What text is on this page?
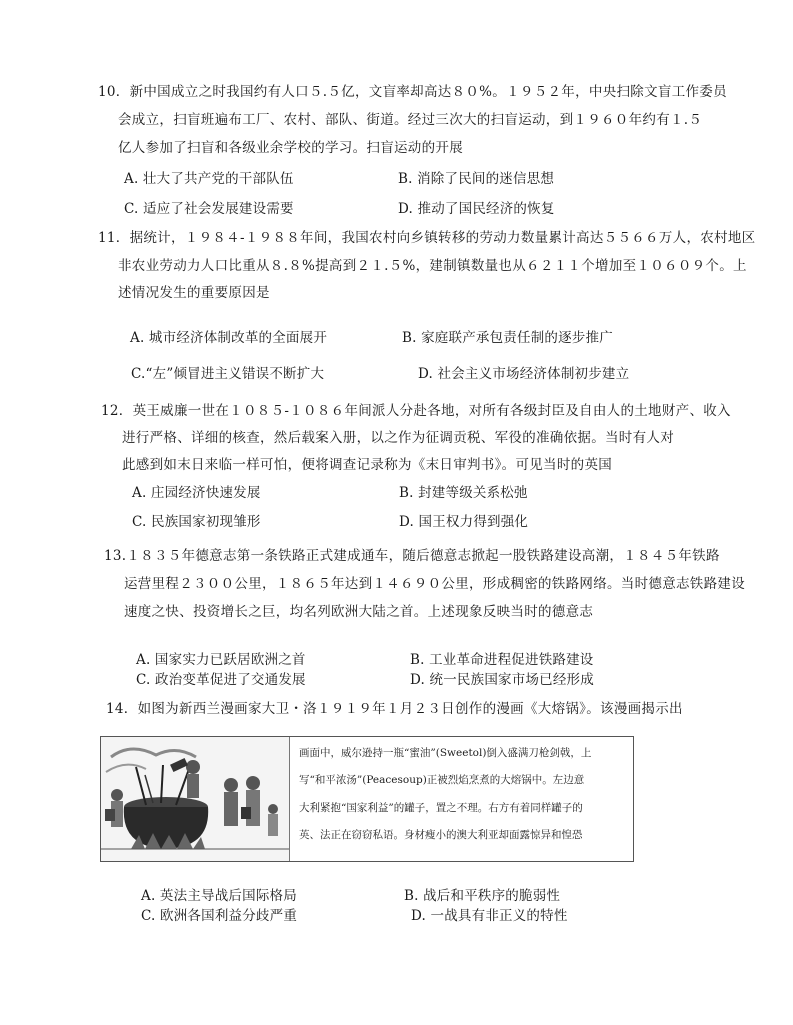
10．新中国成立之时我国约有人口５.５亿，文盲率却高达８０%。１９５２年，中央扫除文盲工作委员
会成立，扫盲班遍布工厂、农村、部队、街道。经过三次大的扫盲运动，到１９６０年约有１.５
亿人参加了扫盲和各级业余学校的学习。扫盲运动的开展
A. 壮大了共产党的干部队伍	B. 消除了民间的迷信思想
C. 适应了社会发展建设需要	D. 推动了国民经济的恢复
11．据统计，１９８４-１９８８年间，我国农村向乡镇转移的劳动力数量累计高达５５６６万人，农村地区
非农业劳动力人口比重从８.８%提高到２１.５%，建制镇数量也从６２１１个增加至１０６０９个。上
述情况发生的重要原因是
A. 城市经济体制改革的全面展开	B. 家庭联产承包责任制的逐步推广
C.“左”倾冒进主义错误不断扩大	D. 社会主义市场经济体制初步建立
12．英王威廉一世在１０８５-１０８６年间派人分赴各地，对所有各级封臣及自由人的土地财产、收入
进行严格、详细的核查，然后载案入册，以之作为征调贡税、军役的准确依据。当时有人对
此感到如末日来临一样可怕，便将调查记录称为《末日审判书》。可见当时的英国
A. 庄园经济快速发展	B. 封建等级关系松弛
C. 民族国家初现雏形	D. 国王权力得到强化
13.１８３５年德意志第一条铁路正式建成通车，随后德意志掀起一股铁路建设高潮，１８４５年铁路
运营里程２３００公里，１８６５年达到１４６９０公里，形成稠密的铁路网络。当时德意志铁路建设
速度之快、投资增长之巨，均名列欧洲大陆之首。上述现象反映当时的德意志
A. 国家实力已跃居欧洲之首	B. 工业革命进程促进铁路建设
C. 政治变革促进了交通发展	D. 统一民族国家市场已经形成
14．如图为新西兰漫画家大卫・洛１９１９年１月２３日创作的漫画《大熔锅》。该漫画揭示出
画面中，威尔逊持一瓶“蜜油”(Sweetol)倒入盛满刀枪剑戟，上
写“和平浓汤”(Peacesoup)正被烈焰烹煮的大熔锅中。左边意
大利紧抱“国家利益”的罐子，置之不理。右方有着同样罐子的
英、法正在窃窃私语。身材瘦小的澳大利亚却面露惊异和惶恐
A. 英法主导战后国际格局	B. 战后和平秩序的脆弱性
C. 欧洲各国利益分歧严重	D. 一战具有非正义的特性
